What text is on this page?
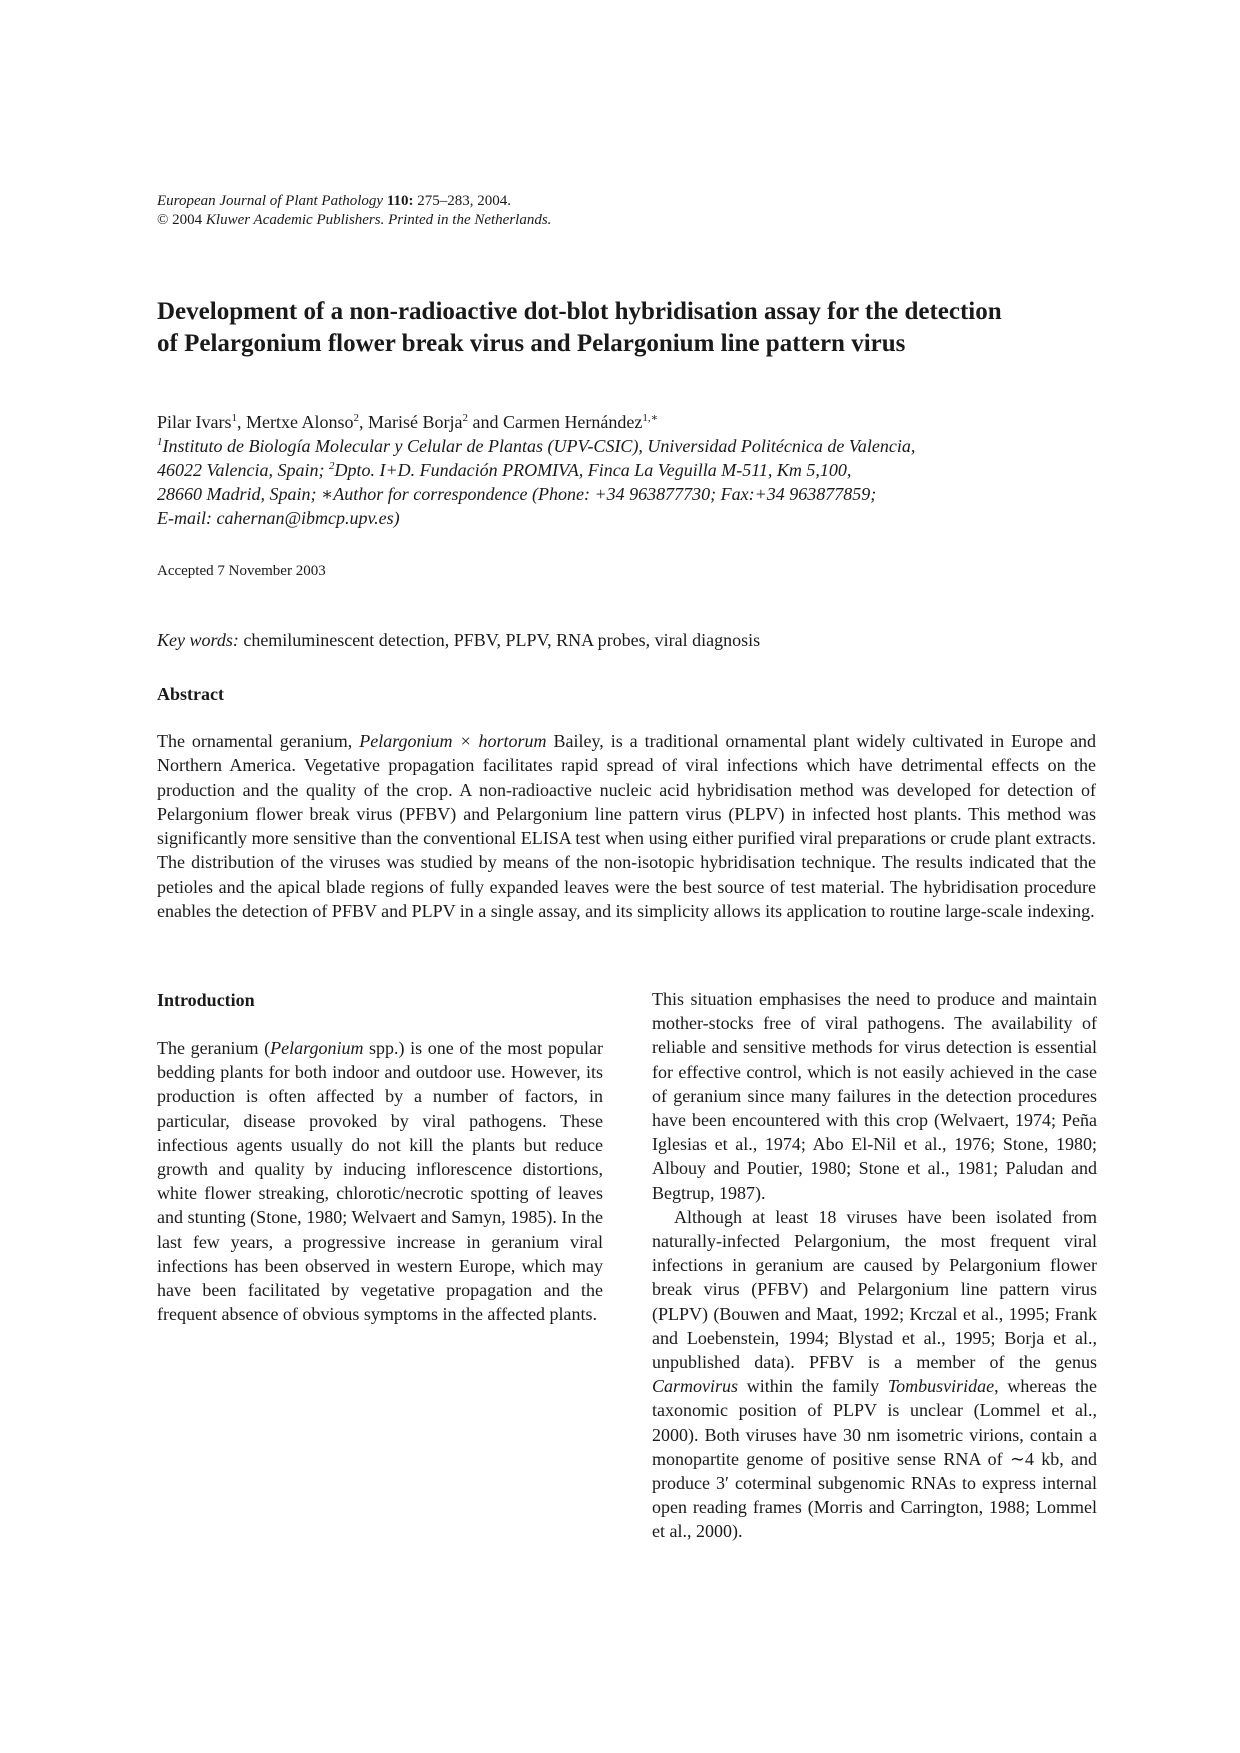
European Journal of Plant Pathology 110: 275–283, 2004.
© 2004 Kluwer Academic Publishers. Printed in the Netherlands.
Development of a non-radioactive dot-blot hybridisation assay for the detection
of Pelargonium flower break virus and Pelargonium line pattern virus
Pilar Ivars$^1$, Mertxe Alonso$^2$, Marisé Borja$^2$ and Carmen Hernández$^{1,∗}$
$^1$Instituto de Biología Molecular y Celular de Plantas (UPV-CSIC), Universidad Politécnica de Valencia,
46022 Valencia, Spain; $^2$Dpto. I+D. Fundación PROMIVA, Finca La Veguilla M-511, Km 5,100,
28660 Madrid, Spain; ∗Author for correspondence (Phone: +34 963877730; Fax:+34 963877859;
E-mail: cahernan@ibmcp.upv.es)
Accepted 7 November 2003
Key words: chemiluminescent detection, PFBV, PLPV, RNA probes, viral diagnosis
Abstract
The ornamental geranium, Pelargonium × hortorum Bailey, is a traditional ornamental plant widely cultivated in Europe and Northern America. Vegetative propagation facilitates rapid spread of viral infections which have detrimental effects on the production and the quality of the crop. A non-radioactive nucleic acid hybridisation method was developed for detection of Pelargonium flower break virus (PFBV) and Pelargonium line pattern virus (PLPV) in infected host plants. This method was significantly more sensitive than the conventional ELISA test when using either purified viral preparations or crude plant extracts. The distribution of the viruses was studied by means of the non-isotopic hybridisation technique. The results indicated that the petioles and the apical blade regions of fully expanded leaves were the best source of test material. The hybridisation procedure enables the detection of PFBV and PLPV in a single assay, and its simplicity allows its application to routine large-scale indexing.
Introduction

The geranium (Pelargonium spp.) is one of the most popular bedding plants for both indoor and outdoor use. However, its production is often affected by a number of factors, in particular, disease provoked by viral pathogens. These infectious agents usually do not kill the plants but reduce growth and quality by inducing inflorescence distortions, white flower streaking, chlorotic/necrotic spotting of leaves and stunting (Stone, 1980; Welvaert and Samyn, 1985). In the last few years, a progressive increase in geranium viral infections has been observed in western Europe, which may have been facilitated by vegetative propagation and the frequent absence of obvious symptoms in the affected plants.

This situation emphasises the need to produce and maintain mother-stocks free of viral pathogens. The availability of reliable and sensitive methods for virus detection is essential for effective control, which is not easily achieved in the case of geranium since many failures in the detection procedures have been encountered with this crop (Welvaert, 1974; Peña Iglesias et al., 1974; Abo El-Nil et al., 1976; Stone, 1980; Albouy and Poutier, 1980; Stone et al., 1981; Paludan and Begtrup, 1987).

Although at least 18 viruses have been isolated from naturally-infected Pelargonium, the most frequent viral infections in geranium are caused by Pelargonium flower break virus (PFBV) and Pelargonium line pattern virus (PLPV) (Bouwen and Maat, 1992; Krczal et al., 1995; Frank and Loebenstein, 1994; Blystad et al., 1995; Borja et al., unpublished data). PFBV is a member of the genus Carmovirus within the family Tombusviridae, whereas the taxonomic position of PLPV is unclear (Lommel et al., 2000). Both viruses have 30 nm isometric virions, contain a monopartite genome of positive sense RNA of ∼4 kb, and produce 3′ coterminal subgenomic RNAs to express internal open reading frames (Morris and Carrington, 1988; Lommel et al., 2000).
